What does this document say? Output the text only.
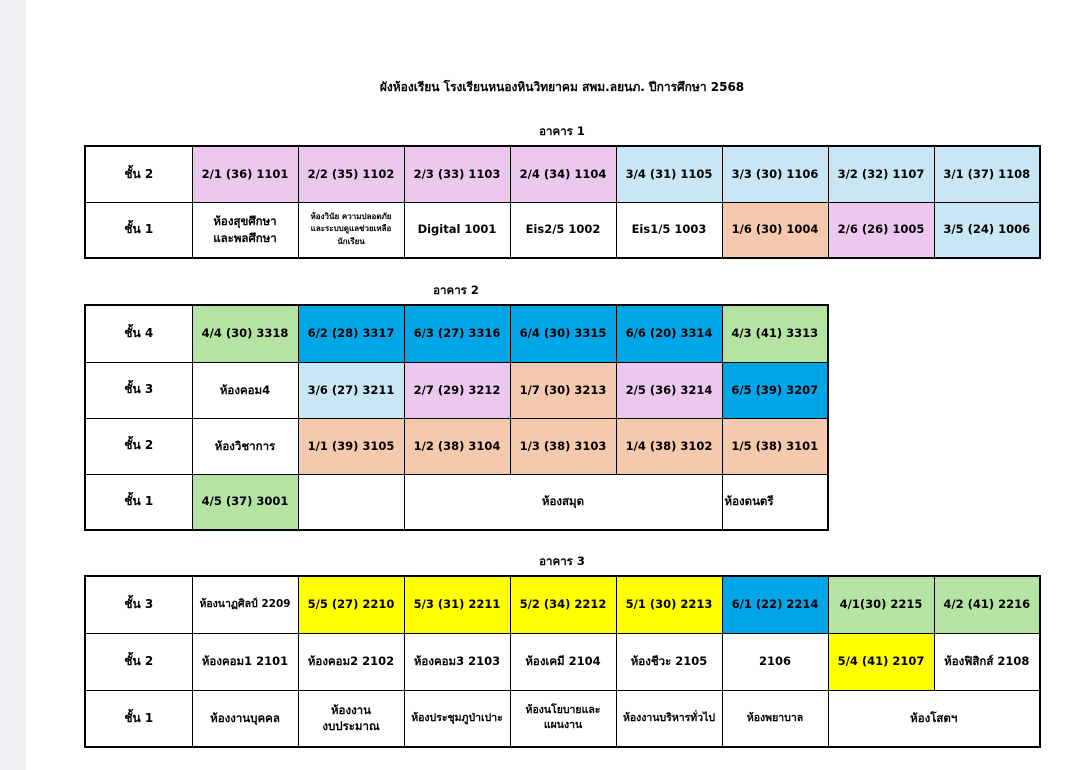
ผังห้องเรียน โรงเรียนหนองหินวิทยาคม สพม.ลยนภ. ปีการศึกษา 2568
อาคาร 1
ชั้น 2	2/1 (36) 1101	2/2 (35) 1102	2/3 (33) 1103	2/4 (34) 1104	3/4 (31) 1105	3/3 (30) 1106	3/2 (32) 1107	3/1 (37) 1108
ชั้น 1	ห้องสุขศึกษา
และพลศึกษา	ห้องวินัย ความปลอดภัย
และระบบดูแลช่วยเหลือ
นักเรียน	Digital 1001	Eis2/5 1002	Eis1/5 1003	1/6 (30) 1004	2/6 (26) 1005	3/5 (24) 1006
อาคาร 2
ชั้น 4	4/4 (30) 3318	6/2 (28) 3317	6/3 (27) 3316	6/4 (30) 3315	6/6 (20) 3314	4/3 (41) 3313
ชั้น 3	ห้องคอม4	3/6 (27) 3211	2/7 (29) 3212	1/7 (30) 3213	2/5 (36) 3214	6/5 (39) 3207
ชั้น 2	ห้องวิชาการ	1/1 (39) 3105	1/2 (38) 3104	1/3 (38) 3103	1/4 (38) 3102	1/5 (38) 3101
ชั้น 1	4/5 (37) 3001		ห้องสมุด			ห้องดนตรี
อาคาร 3
ชั้น 3	ห้องนาฏศิลป์ 2209	5/5 (27) 2210	5/3 (31) 2211	5/2 (34) 2212	5/1 (30) 2213	6/1 (22) 2214	4/1(30) 2215	4/2 (41) 2216
ชั้น 2	ห้องคอม1 2101	ห้องคอม2 2102	ห้องคอม3 2103	ห้องเคมี 2104	ห้องชีวะ 2105	2106	5/4 (41) 2107	ห้องฟิสิกส์ 2108
ชั้น 1	ห้องงานบุคคล	ห้องงาน
งบประมาณ	ห้องประชุมภูป่าเปาะ	ห้องนโยบายและ
แผนงาน	ห้องงานบริหารทั่วไป	ห้องพยาบาล	ห้องโสตฯ	
